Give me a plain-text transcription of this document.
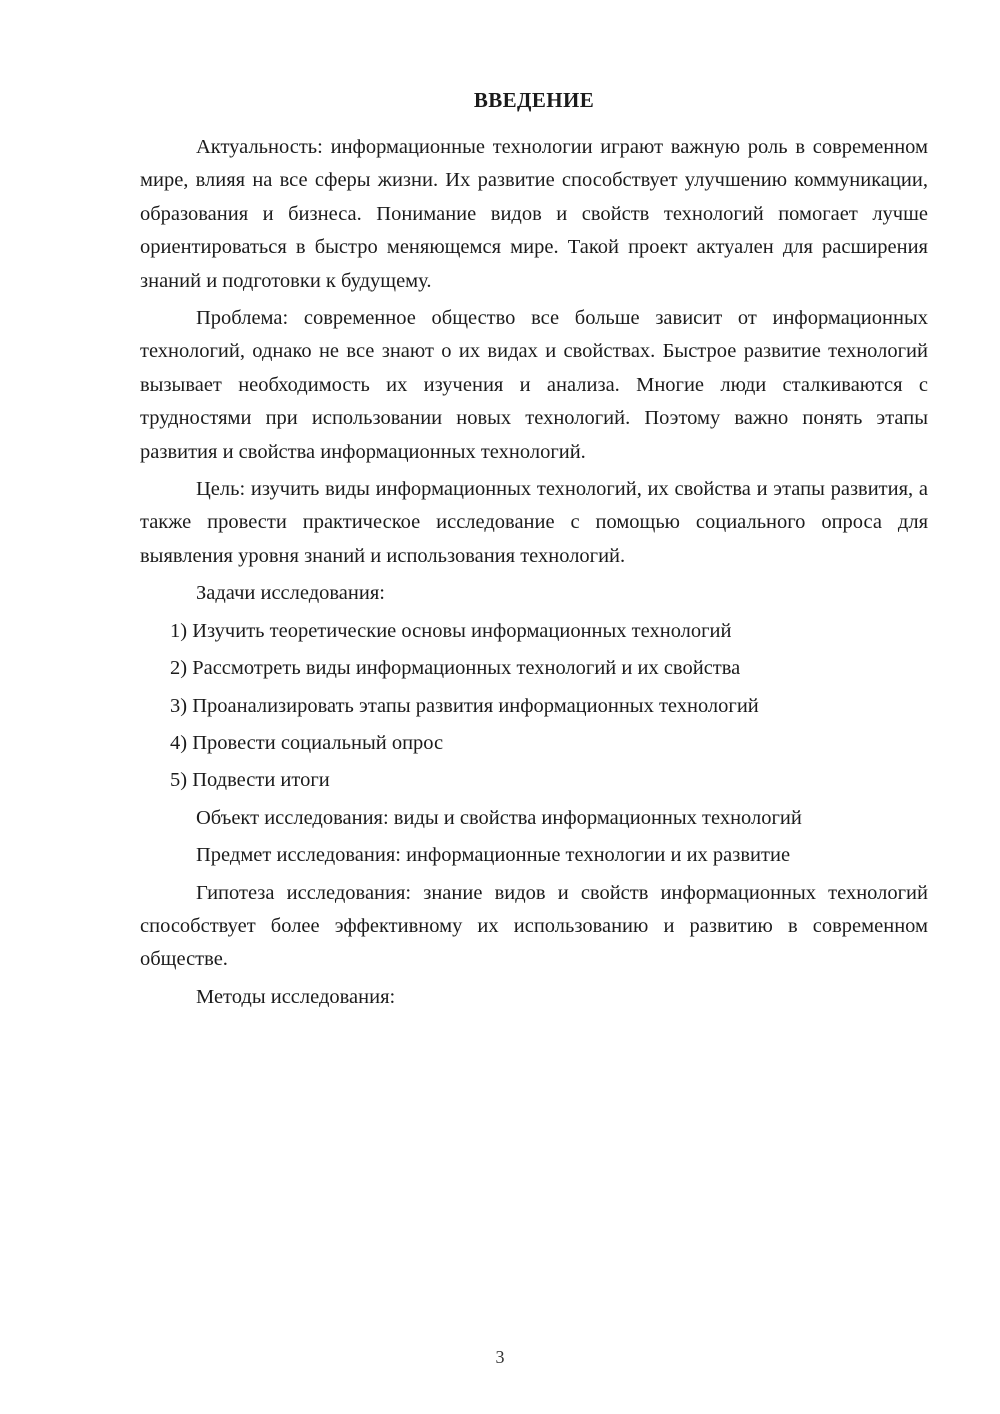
ВВЕДЕНИЕ

Актуальность: информационные технологии играют важную роль в современном мире, влияя на все сферы жизни. Их развитие способствует улучшению коммуникации, образования и бизнеса. Понимание видов и свойств технологий помогает лучше ориентироваться в быстро меняющемся мире. Такой проект актуален для расширения знаний и подготовки к будущему.

Проблема: современное общество все больше зависит от информационных технологий, однако не все знают о их видах и свойствах. Быстрое развитие технологий вызывает необходимость их изучения и анализа. Многие люди сталкиваются с трудностями при использовании новых технологий. Поэтому важно понять этапы развития и свойства информационных технологий.

Цель: изучить виды информационных технологий, их свойства и этапы развития, а также провести практическое исследование с помощью социального опроса для выявления уровня знаний и использования технологий.

Задачи исследования:

1) Изучить теоретические основы информационных технологий

2) Рассмотреть виды информационных технологий и их свойства

3) Проанализировать этапы развития информационных технологий

4) Провести социальный опрос

5) Подвести итоги

Объект исследования: виды и свойства информационных технологий

Предмет исследования: информационные технологии и их развитие

Гипотеза исследования: знание видов и свойств информационных технологий способствует более эффективному их использованию и развитию в современном обществе.

Методы исследования:

3
